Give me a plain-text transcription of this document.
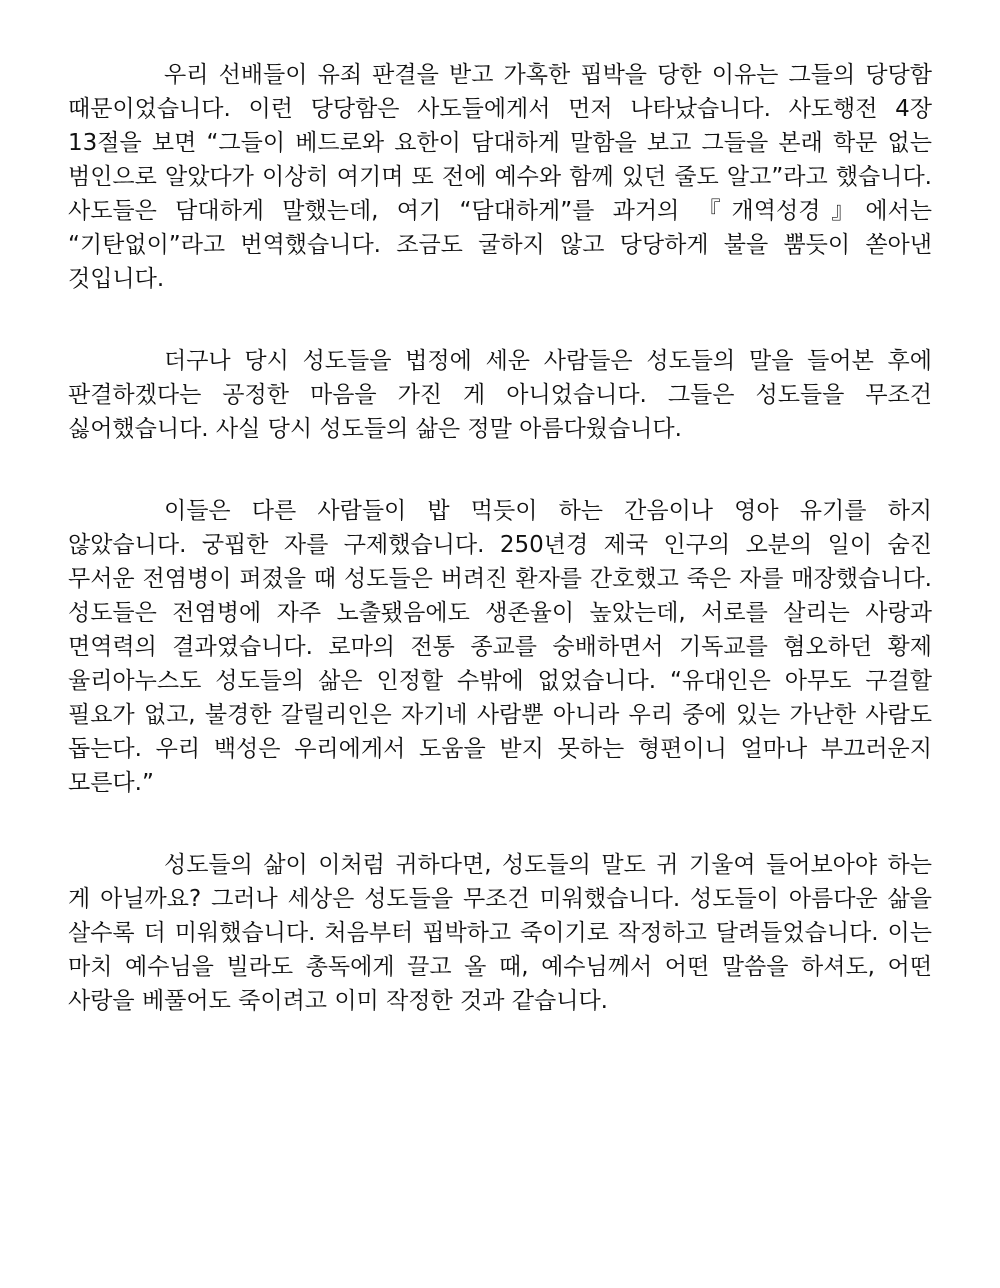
우리 선배들이 유죄 판결을 받고 가혹한 핍박을 당한 이유는 그들의 당당함 때문이었습니다. 이런 당당함은 사도들에게서 먼저 나타났습니다. 사도행전 4장 13절을 보면 “그들이 베드로와 요한이 담대하게 말함을 보고 그들을 본래 학문 없는 범인으로 알았다가 이상히 여기며 또 전에 예수와 함께 있던 줄도 알고”라고 했습니다. 사도들은 담대하게 말했는데, 여기 “담대하게”를 과거의 『개역성경』에서는 “기탄없이”라고 번역했습니다. 조금도 굴하지 않고 당당하게 불을 뿜듯이 쏟아낸 것입니다.

더구나 당시 성도들을 법정에 세운 사람들은 성도들의 말을 들어본 후에 판결하겠다는 공정한 마음을 가진 게 아니었습니다. 그들은 성도들을 무조건 싫어했습니다. 사실 당시 성도들의 삶은 정말 아름다웠습니다.

이들은 다른 사람들이 밥 먹듯이 하는 간음이나 영아 유기를 하지 않았습니다. 궁핍한 자를 구제했습니다. 250년경 제국 인구의 오분의 일이 숨진 무서운 전염병이 퍼졌을 때 성도들은 버려진 환자를 간호했고 죽은 자를 매장했습니다. 성도들은 전염병에 자주 노출됐음에도 생존율이 높았는데, 서로를 살리는 사랑과 면역력의 결과였습니다. 로마의 전통 종교를 숭배하면서 기독교를 혐오하던 황제 율리아누스도 성도들의 삶은 인정할 수밖에 없었습니다. “유대인은 아무도 구걸할 필요가 없고, 불경한 갈릴리인은 자기네 사람뿐 아니라 우리 중에 있는 가난한 사람도 돕는다. 우리 백성은 우리에게서 도움을 받지 못하는 형편이니 얼마나 부끄러운지 모른다.”

성도들의 삶이 이처럼 귀하다면, 성도들의 말도 귀 기울여 들어보아야 하는 게 아닐까요? 그러나 세상은 성도들을 무조건 미워했습니다. 성도들이 아름다운 삶을 살수록 더 미워했습니다. 처음부터 핍박하고 죽이기로 작정하고 달려들었습니다. 이는 마치 예수님을 빌라도 총독에게 끌고 올 때, 예수님께서 어떤 말씀을 하셔도, 어떤 사랑을 베풀어도 죽이려고 이미 작정한 것과 같습니다.
